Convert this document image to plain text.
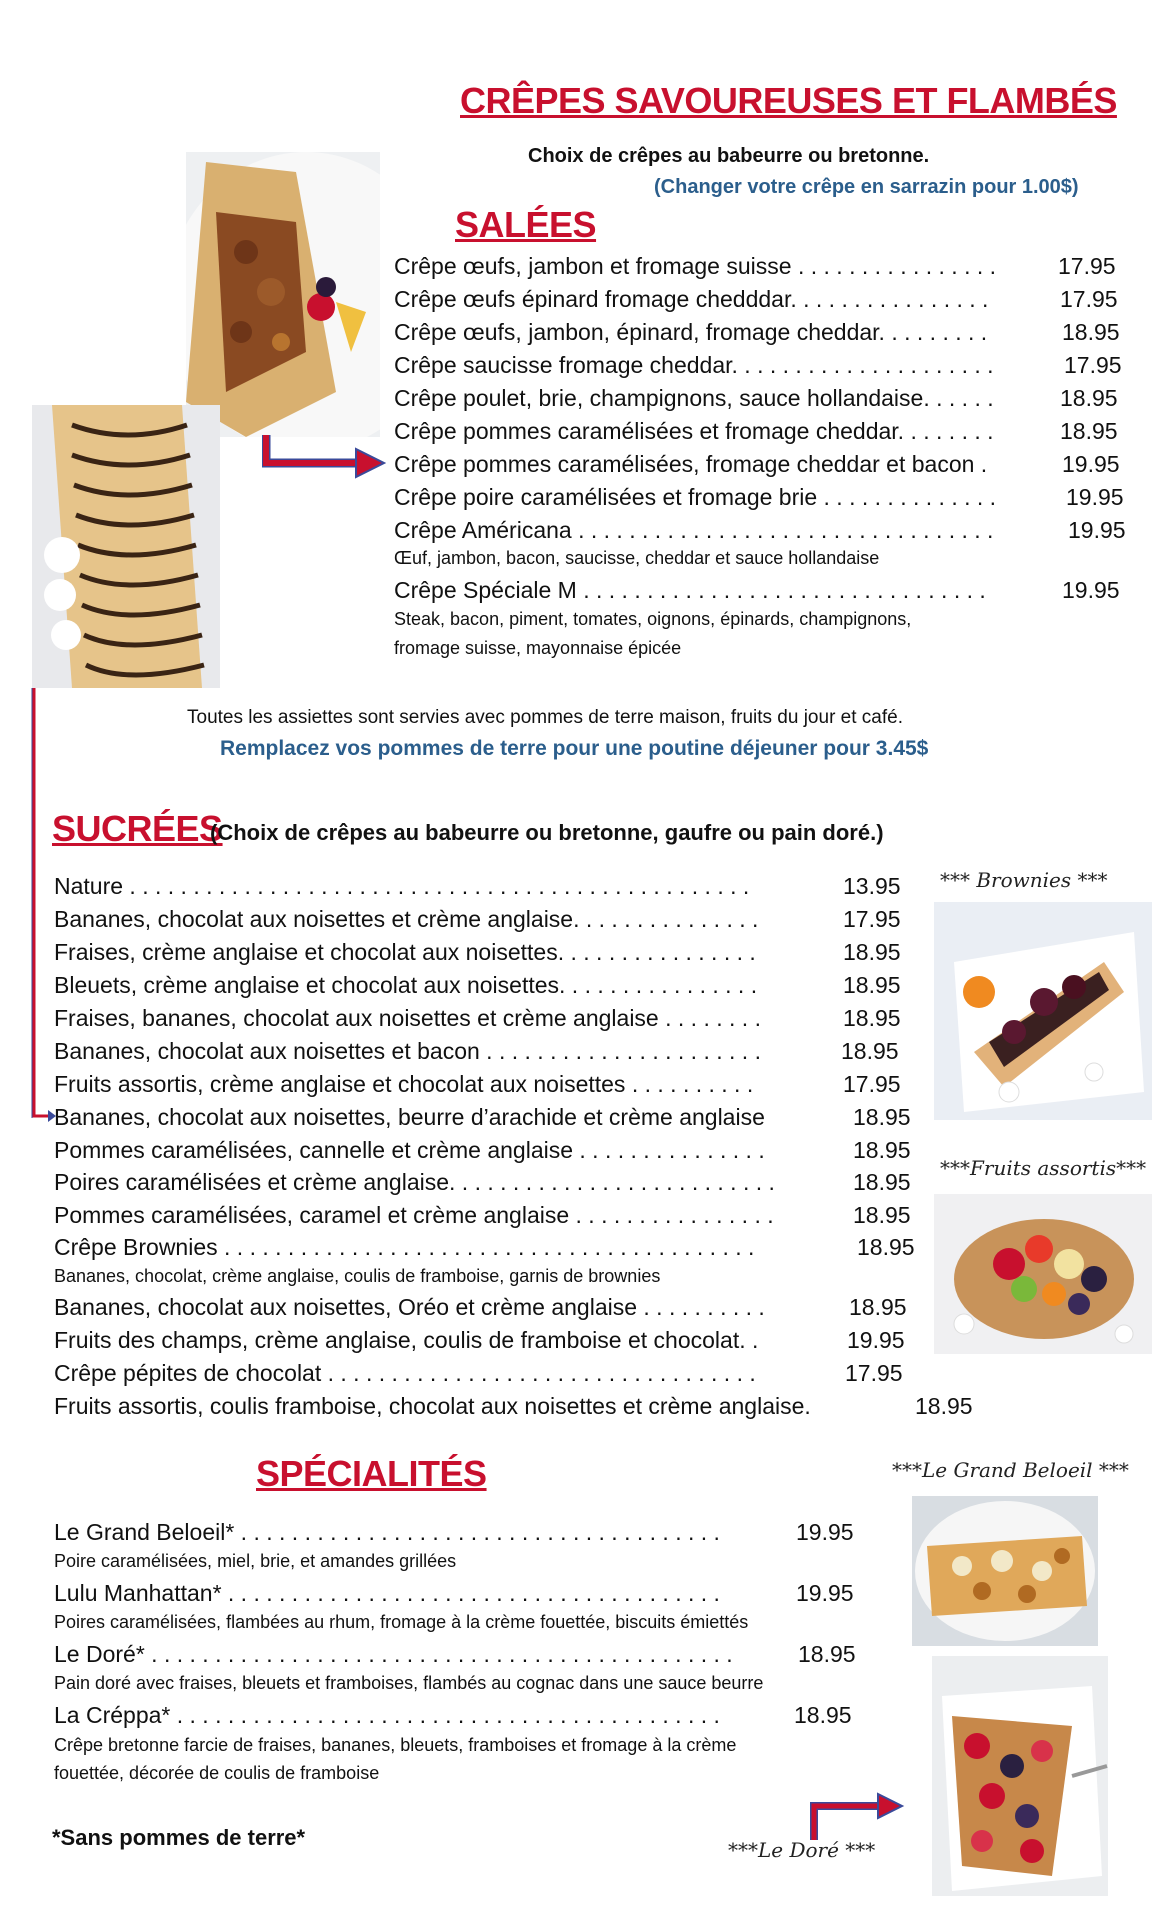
CRÊPES SAVOUREUSES ET FLAMBÉS
Choix de crêpes au babeurre ou bretonne.
(Changer votre crêpe en sarrazin pour 1.00$)
SALÉES
Crêpe œufs, jambon et fromage suisse . . . . . . . . . . . . . . . .	17.95
Crêpe œufs épinard fromage chedddar. . . . . . . . . . . . . . . .	17.95
Crêpe œufs, jambon, épinard, fromage cheddar. . . . . . . . .	18.95
Crêpe saucisse fromage cheddar. . . . . . . . . . . . . . . . . . . . .	17.95
Crêpe poulet, brie, champignons, sauce hollandaise. . . . . .	18.95
Crêpe pommes caramélisées et fromage cheddar. . . . . . . .	18.95
Crêpe pommes caramélisées, fromage cheddar et bacon .	19.95
Crêpe poire caramélisées et fromage brie . . . . . . . . . . . . . .	19.95
Crêpe Américana . . . . . . . . . . . . . . . . . . . . . . . . . . . . . . . . .	19.95
Œuf, jambon, bacon, saucisse, cheddar et sauce hollandaise
Crêpe Spéciale M . . . . . . . . . . . . . . . . . . . . . . . . . . . . . . . .	19.95
Steak, bacon, piment, tomates, oignons, épinards, champignons,
fromage suisse, mayonnaise épicée
Toutes les assiettes sont servies avec pommes de terre maison, fruits du jour et café.
Remplacez vos pommes de terre pour une poutine déjeuner pour 3.45$
SUCRÉES
(Choix de crêpes au babeurre ou bretonne, gaufre ou pain doré.)
Nature . . . . . . . . . . . . . . . . . . . . . . . . . . . . . . . . . . . . . . . . . . . . . . . . .	13.95
Bananes, chocolat aux noisettes et crème anglaise. . . . . . . . . . . . . . .	17.95
Fraises, crème anglaise et chocolat aux noisettes. . . . . . . . . . . . . . . .	18.95
Bleuets, crème anglaise et chocolat aux noisettes. . . . . . . . . . . . . . . .	18.95
Fraises, bananes, chocolat aux noisettes et crème anglaise . . . . . . . .	18.95
Bananes, chocolat aux noisettes et bacon . . . . . . . . . . . . . . . . . . . . . .	18.95
Fruits assortis, crème anglaise et chocolat aux noisettes . . . . . . . . . .	17.95
Bananes, chocolat aux noisettes, beurre d’arachide et crème anglaise	18.95
Pommes caramélisées, cannelle et crème anglaise . . . . . . . . . . . . . . .	18.95
Poires caramélisées et crème anglaise. . . . . . . . . . . . . . . . . . . . . . . . . .	18.95
Pommes caramélisées, caramel et crème anglaise . . . . . . . . . . . . . . . .	18.95
Crêpe Brownies . . . . . . . . . . . . . . . . . . . . . . . . . . . . . . . . . . . . . . . . . .	18.95
Bananes, chocolat, crème anglaise, coulis de framboise, garnis de brownies
Bananes, chocolat aux noisettes, Oréo et crème anglaise . . . . . . . . . .	18.95
Fruits des champs, crème anglaise, coulis de framboise et chocolat. .	19.95
Crêpe pépites de chocolat . . . . . . . . . . . . . . . . . . . . . . . . . . . . . . . . . .	17.95
Fruits assortis, coulis framboise, chocolat aux noisettes et crème anglaise.	18.95
*** Brownies ***
***Fruits assortis***
SPÉCIALITÉS
Le Grand Beloeil* . . . . . . . . . . . . . . . . . . . . . . . . . . . . . . . . . . . . . .	19.95
Poire caramélisées, miel, brie, et amandes grillées
Lulu Manhattan* . . . . . . . . . . . . . . . . . . . . . . . . . . . . . . . . . . . . . . .	19.95
Poires caramélisées, flambées au rhum, fromage à la crème fouettée, biscuits émiettés
Le Doré* . . . . . . . . . . . . . . . . . . . . . . . . . . . . . . . . . . . . . . . . . . . . . .	18.95
Pain doré avec fraises, bleuets et framboises, flambés au cognac dans une sauce beurre
La Créppa* . . . . . . . . . . . . . . . . . . . . . . . . . . . . . . . . . . . . . . . . . . .	18.95
Crêpe bretonne farcie de fraises, bananes, bleuets, framboises et fromage à la crème
fouettée, décorée de coulis de framboise
***Le Grand Beloeil ***
***Le Doré ***
*Sans pommes de terre*
